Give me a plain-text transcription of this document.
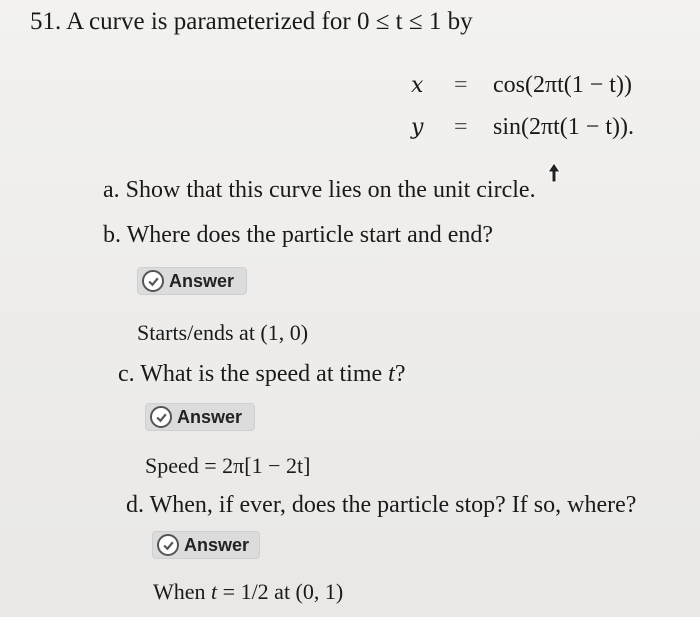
51. A curve is parameterized for 0 ≤ t ≤ 1 by
x = cos(2πt(1 − t))
y = sin(2πt(1 − t)).
a. Show that this curve lies on the unit circle.
b. Where does the particle start and end?
Answer
Starts/ends at (1, 0)
c. What is the speed at time t?
Answer
Speed = 2π[1 − 2t]
d. When, if ever, does the particle stop? If so, where?
Answer
When t = 1/2 at (0, 1)
